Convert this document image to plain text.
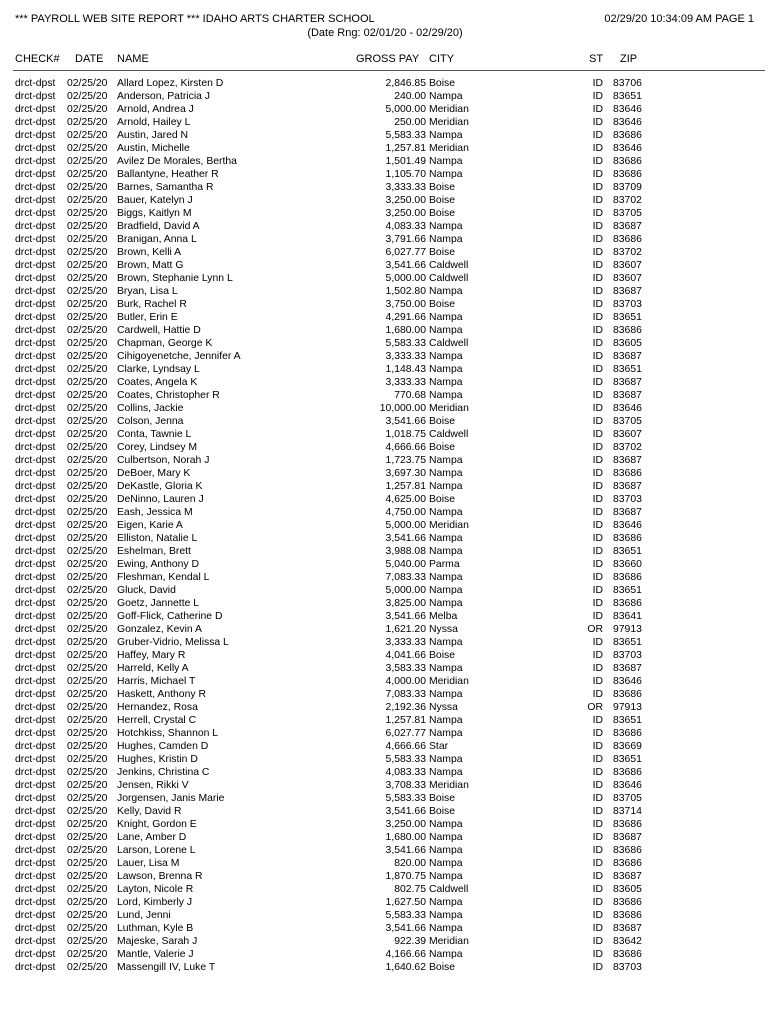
*** PAYROLL WEB SITE REPORT *** IDAHO ARTS CHARTER SCHOOL	02/29/20 10:34:09 AM PAGE 1
(Date Rng: 02/01/20 - 02/29/20)
CHECK# DATE NAME	GROSS PAY CITY	ST ZIP
drct-dpst 02/25/20 Allard Lopez, Kirsten D	2,846.85 Boise	ID 83706
drct-dpst 02/25/20 Anderson, Patricia J	240.00 Nampa	ID 83651
drct-dpst 02/25/20 Arnold, Andrea J	5,000.00 Meridian	ID 83646
drct-dpst 02/25/20 Arnold, Hailey L	250.00 Meridian	ID 83646
drct-dpst 02/25/20 Austin, Jared N	5,583.33 Nampa	ID 83686
drct-dpst 02/25/20 Austin, Michelle	1,257.81 Meridian	ID 83646
drct-dpst 02/25/20 Avilez De Morales, Bertha	1,501.49 Nampa	ID 83686
drct-dpst 02/25/20 Ballantyne, Heather R	1,105.70 Nampa	ID 83686
drct-dpst 02/25/20 Barnes, Samantha R	3,333.33 Boise	ID 83709
drct-dpst 02/25/20 Bauer, Katelyn J	3,250.00 Boise	ID 83702
drct-dpst 02/25/20 Biggs, Kaitlyn M	3,250.00 Boise	ID 83705
drct-dpst 02/25/20 Bradfield, David A	4,083.33 Nampa	ID 83687
drct-dpst 02/25/20 Branigan, Anna L	3,791.66 Nampa	ID 83686
drct-dpst 02/25/20 Brown, Kelli A	6,027.77 Boise	ID 83702
drct-dpst 02/25/20 Brown, Matt G	3,541.66 Caldwell	ID 83607
drct-dpst 02/25/20 Brown, Stephanie Lynn L	5,000.00 Caldwell	ID 83607
drct-dpst 02/25/20 Bryan, Lisa L	1,502.80 Nampa	ID 83687
drct-dpst 02/25/20 Burk, Rachel R	3,750.00 Boise	ID 83703
drct-dpst 02/25/20 Butler, Erin E	4,291.66 Nampa	ID 83651
drct-dpst 02/25/20 Cardwell, Hattie D	1,680.00 Nampa	ID 83686
drct-dpst 02/25/20 Chapman, George K	5,583.33 Caldwell	ID 83605
drct-dpst 02/25/20 Cihigoyenetche, Jennifer A	3,333.33 Nampa	ID 83687
drct-dpst 02/25/20 Clarke, Lyndsay L	1,148.43 Nampa	ID 83651
drct-dpst 02/25/20 Coates, Angela K	3,333.33 Nampa	ID 83687
drct-dpst 02/25/20 Coates, Christopher R	770.68 Nampa	ID 83687
drct-dpst 02/25/20 Collins, Jackie	10,000.00 Meridian	ID 83646
drct-dpst 02/25/20 Colson, Jenna	3,541.66 Boise	ID 83705
drct-dpst 02/25/20 Conta, Tawnie L	1,018.75 Caldwell	ID 83607
drct-dpst 02/25/20 Corey, Lindsey M	4,666.66 Boise	ID 83702
drct-dpst 02/25/20 Culbertson, Norah J	1,723.75 Nampa	ID 83687
drct-dpst 02/25/20 DeBoer, Mary K	3,697.30 Nampa	ID 83686
drct-dpst 02/25/20 DeKastle, Gloria K	1,257.81 Nampa	ID 83687
drct-dpst 02/25/20 DeNinno, Lauren J	4,625.00 Boise	ID 83703
drct-dpst 02/25/20 Eash, Jessica M	4,750.00 Nampa	ID 83687
drct-dpst 02/25/20 Eigen, Karie A	5,000.00 Meridian	ID 83646
drct-dpst 02/25/20 Elliston, Natalie L	3,541.66 Nampa	ID 83686
drct-dpst 02/25/20 Eshelman, Brett	3,988.08 Nampa	ID 83651
drct-dpst 02/25/20 Ewing, Anthony D	5,040.00 Parma	ID 83660
drct-dpst 02/25/20 Fleshman, Kendal L	7,083.33 Nampa	ID 83686
drct-dpst 02/25/20 Gluck, David	5,000.00 Nampa	ID 83651
drct-dpst 02/25/20 Goetz, Jannette L	3,825.00 Nampa	ID 83686
drct-dpst 02/25/20 Goff-Flick, Catherine D	3,541.66 Melba	ID 83641
drct-dpst 02/25/20 Gonzalez, Kevin A	1,621.20 Nyssa	OR 97913
drct-dpst 02/25/20 Gruber-Vidrio, Melissa L	3,333.33 Nampa	ID 83651
drct-dpst 02/25/20 Haffey, Mary R	4,041.66 Boise	ID 83703
drct-dpst 02/25/20 Harreld, Kelly A	3,583.33 Nampa	ID 83687
drct-dpst 02/25/20 Harris, Michael T	4,000.00 Meridian	ID 83646
drct-dpst 02/25/20 Haskett, Anthony R	7,083.33 Nampa	ID 83686
drct-dpst 02/25/20 Hernandez, Rosa	2,192.36 Nyssa	OR 97913
drct-dpst 02/25/20 Herrell, Crystal C	1,257.81 Nampa	ID 83651
drct-dpst 02/25/20 Hotchkiss, Shannon L	6,027.77 Nampa	ID 83686
drct-dpst 02/25/20 Hughes, Camden D	4,666.66 Star	ID 83669
drct-dpst 02/25/20 Hughes, Kristin D	5,583.33 Nampa	ID 83651
drct-dpst 02/25/20 Jenkins, Christina C	4,083.33 Nampa	ID 83686
drct-dpst 02/25/20 Jensen, Rikki V	3,708.33 Meridian	ID 83646
drct-dpst 02/25/20 Jorgensen, Janis Marie	5,583.33 Boise	ID 83705
drct-dpst 02/25/20 Kelly, David R	3,541.66 Boise	ID 83714
drct-dpst 02/25/20 Knight, Gordon E	3,250.00 Nampa	ID 83686
drct-dpst 02/25/20 Lane, Amber D	1,680.00 Nampa	ID 83687
drct-dpst 02/25/20 Larson, Lorene L	3,541.66 Nampa	ID 83686
drct-dpst 02/25/20 Lauer, Lisa M	820.00 Nampa	ID 83686
drct-dpst 02/25/20 Lawson, Brenna R	1,870.75 Nampa	ID 83687
drct-dpst 02/25/20 Layton, Nicole R	802.75 Caldwell	ID 83605
drct-dpst 02/25/20 Lord, Kimberly J	1,627.50 Nampa	ID 83686
drct-dpst 02/25/20 Lund, Jenni	5,583.33 Nampa	ID 83686
drct-dpst 02/25/20 Luthman, Kyle B	3,541.66 Nampa	ID 83687
drct-dpst 02/25/20 Majeske, Sarah J	922.39 Meridian	ID 83642
drct-dpst 02/25/20 Mantle, Valerie J	4,166.66 Nampa	ID 83686
drct-dpst 02/25/20 Massengill IV, Luke T	1,640.62 Boise	ID 83703
